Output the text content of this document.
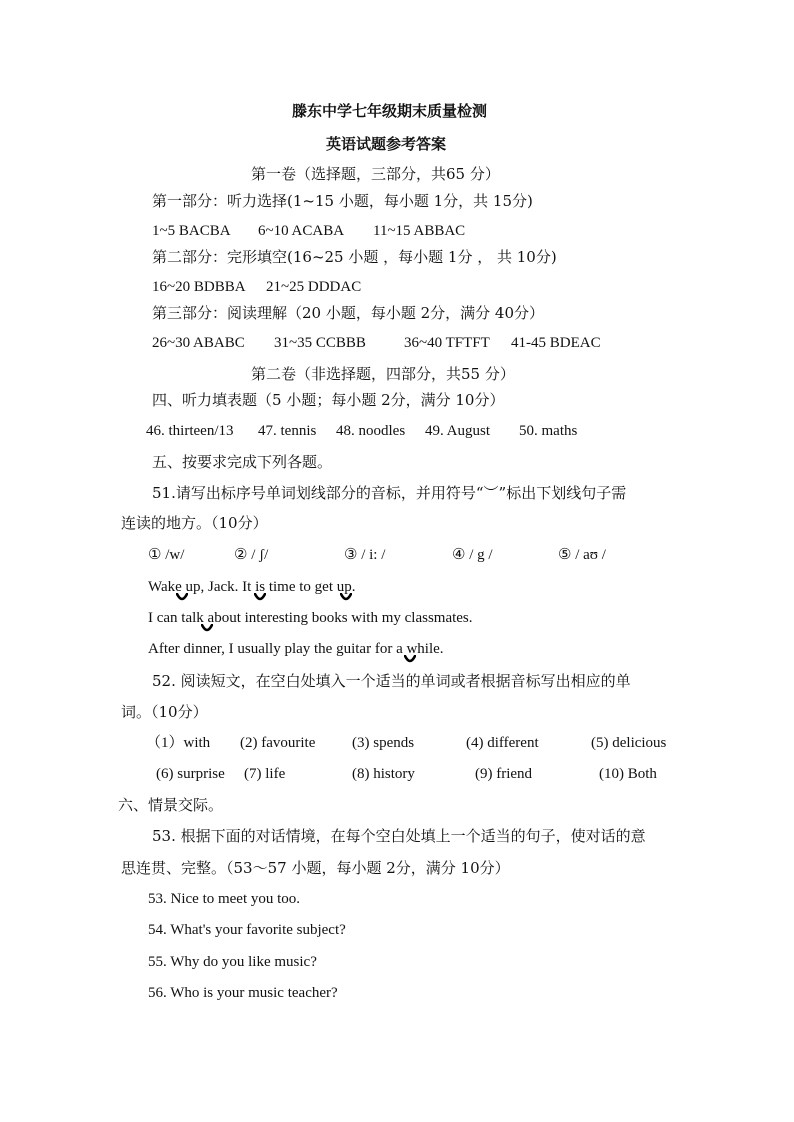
滕东中学七年级期末质量检测
英语试题参考答案
第一卷（选择题，三部分，共65 分）
第一部分：听力选择(1~15 小题，每小题 1分，共 15分)
1~5 BACBA 6~10 ACABA 11~15 ABBAC
第二部分：完形填空(16~25 小题 ，每小题 1分 ， 共 10分)
16~20 BDBBA 21~25 DDDAC
第三部分：阅读理解（20 小题，每小题 2分，满分 40分）
26~30 ABABC 31~35 CCBBB	36~40 TFTFT 41-45 BDEAC
第二卷（非选择题，四部分，共55 分）
四、听力填表题（5 小题；每小题 2分，满分 10分）
46. thirteen/13 47. tennis 48. noodles 49. August 50. maths
五、按要求完成下列各题。
51.请写出标序号单词划线部分的音标，并用符号“︶”标出下划线句子需
连读的地方。（10分）
① /w/	② / ʃ/	③ / i: /	④ / g /	⑤ / aʊ /
Wake up, Jack. It is time to get up.
I can talk about interesting books with my classmates.
After dinner, I usually play the guitar for a while.
52. 阅读短文，在空白处填入一个适当的单词或者根据音标写出相应的单
词。（10分）
（1）with (2) favourite (3) spends	(4) different	(5) delicious
(6) surprise (7) life	(8) history	(9) friend	(10) Both
六、情景交际。
53. 根据下面的对话情境，在每个空白处填上一个适当的句子，使对话的意
思连贯、完整。（53～57 小题，每小题 2分，满分 10分）
53. Nice to meet you too.
54. What's your favorite subject?
55. Why do you like music?
56. Who is your music teacher?
